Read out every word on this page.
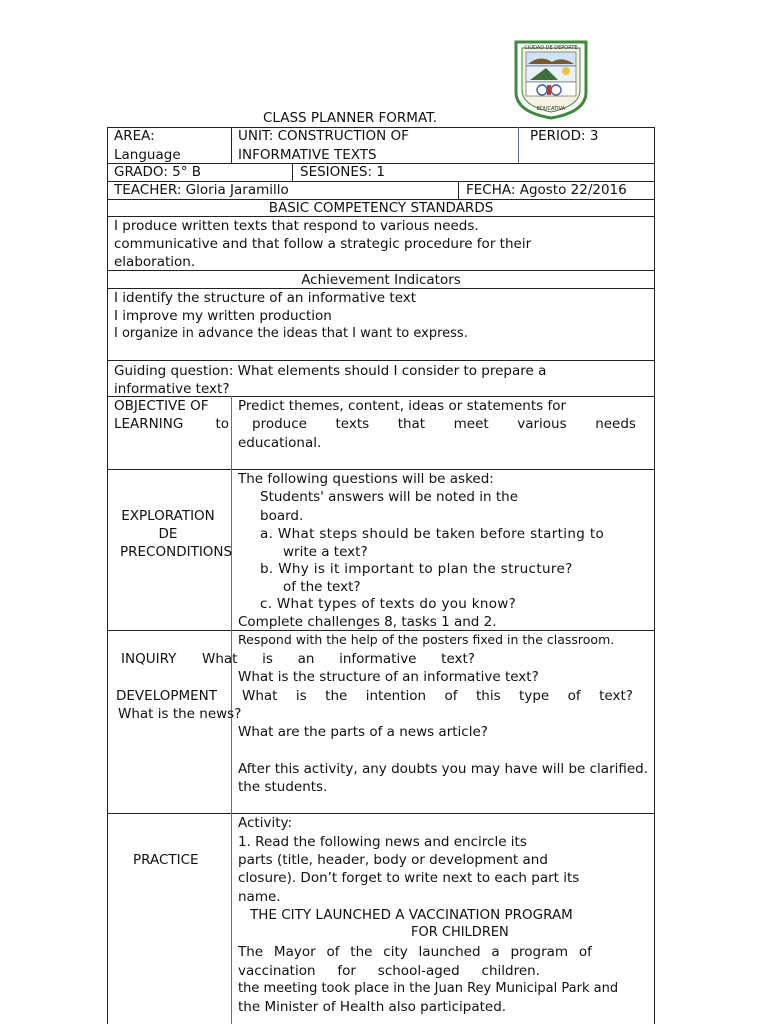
CIUDAD DE DEPORTE
EDUCATIVA
CLASS PLANNER FORMAT.
AREA:
Language
UNIT: CONSTRUCTION OF
INFORMATIVE TEXTS
PERIOD: 3
GRADO: 5° B	SESIONES: 1
TEACHER: Gloria Jaramillo	FECHA: Agosto 22/2016
BASIC COMPETENCY STANDARDS
I produce written texts that respond to various needs.
communicative and that follow a strategic procedure for their
elaboration.
Achievement Indicators
I identify the structure of an informative text
I improve my written production
I organize in advance the ideas that I want to express.
Guiding question: What elements should I consider to prepare a
informative text?
OBJECTIVE OF
LEARNING to
Predict themes, content, ideas or statements for
produce texts that meet various needs
educational.
EXPLORATION
DE
PRECONDITIONS
The following questions will be asked:
Students' answers will be noted in the
board.
a. What steps should be taken before starting to
write a text?
b. Why is it important to plan the structure?
of the text?
c. What types of texts do you know?
Complete challenges 8, tasks 1 and 2.
Respond with the help of the posters fixed in the classroom.
INQUIRY What is an informative text?
What is the structure of an informative text?
DEVELOPMENT What is the intention of this type of text?
What is the news?
What are the parts of a news article?
After this activity, any doubts you may have will be clarified.
the students.
PRACTICE
Activity:
1. Read the following news and encircle its
parts (title, header, body or development and
closure). Don’t forget to write next to each part its
name.
THE CITY LAUNCHED A VACCINATION PROGRAM
FOR CHILDREN
The Mayor of the city launched a program of
vaccination for school-aged children.
the meeting took place in the Juan Rey Municipal Park and
the Minister of Health also participated.
